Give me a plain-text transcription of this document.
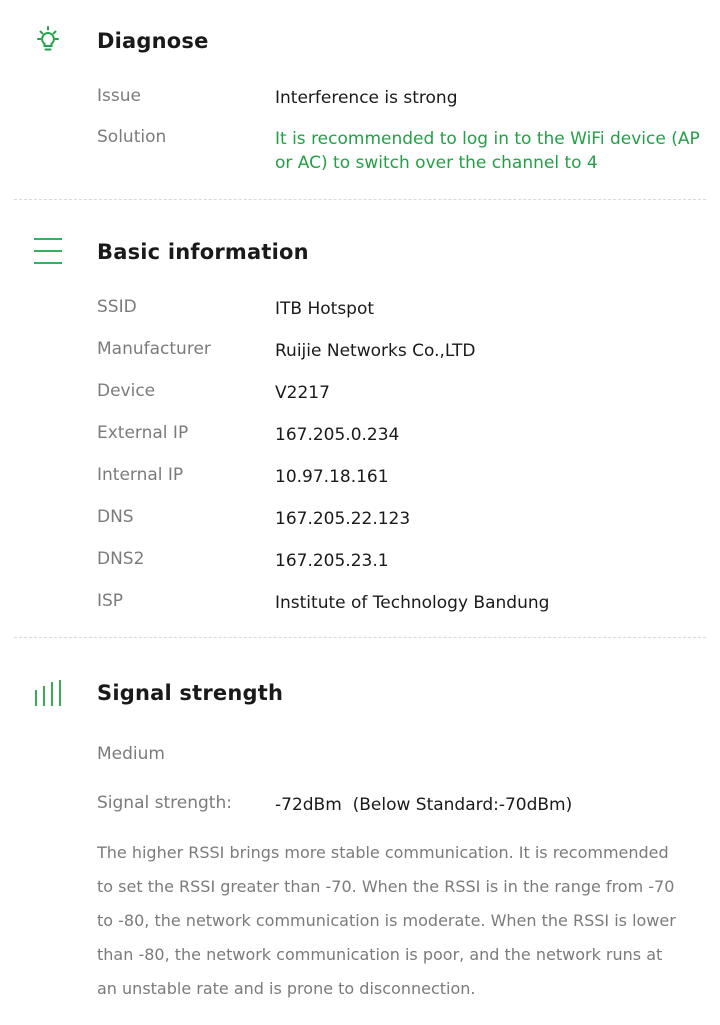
Diagnose
Issue	Interference is strong
Solution	It is recommended to log in to the WiFi device (AP or AC) to switch over the channel to 4
Basic information
SSID	ITB Hotspot
Manufacturer	Ruijie Networks Co.,LTD
Device	V2217
External IP	167.205.0.234
Internal IP	10.97.18.161
DNS	167.205.22.123
DNS2	167.205.23.1
ISP	Institute of Technology Bandung
Signal strength
Medium
Signal strength:	-72dBm  (Below Standard:-70dBm)
The higher RSSI brings more stable communication. It is recommended to set the RSSI greater than -70. When the RSSI is in the range from -70 to -80, the network communication is moderate. When the RSSI is lower than -80, the network communication is poor, and the network runs at an unstable rate and is prone to disconnection.
